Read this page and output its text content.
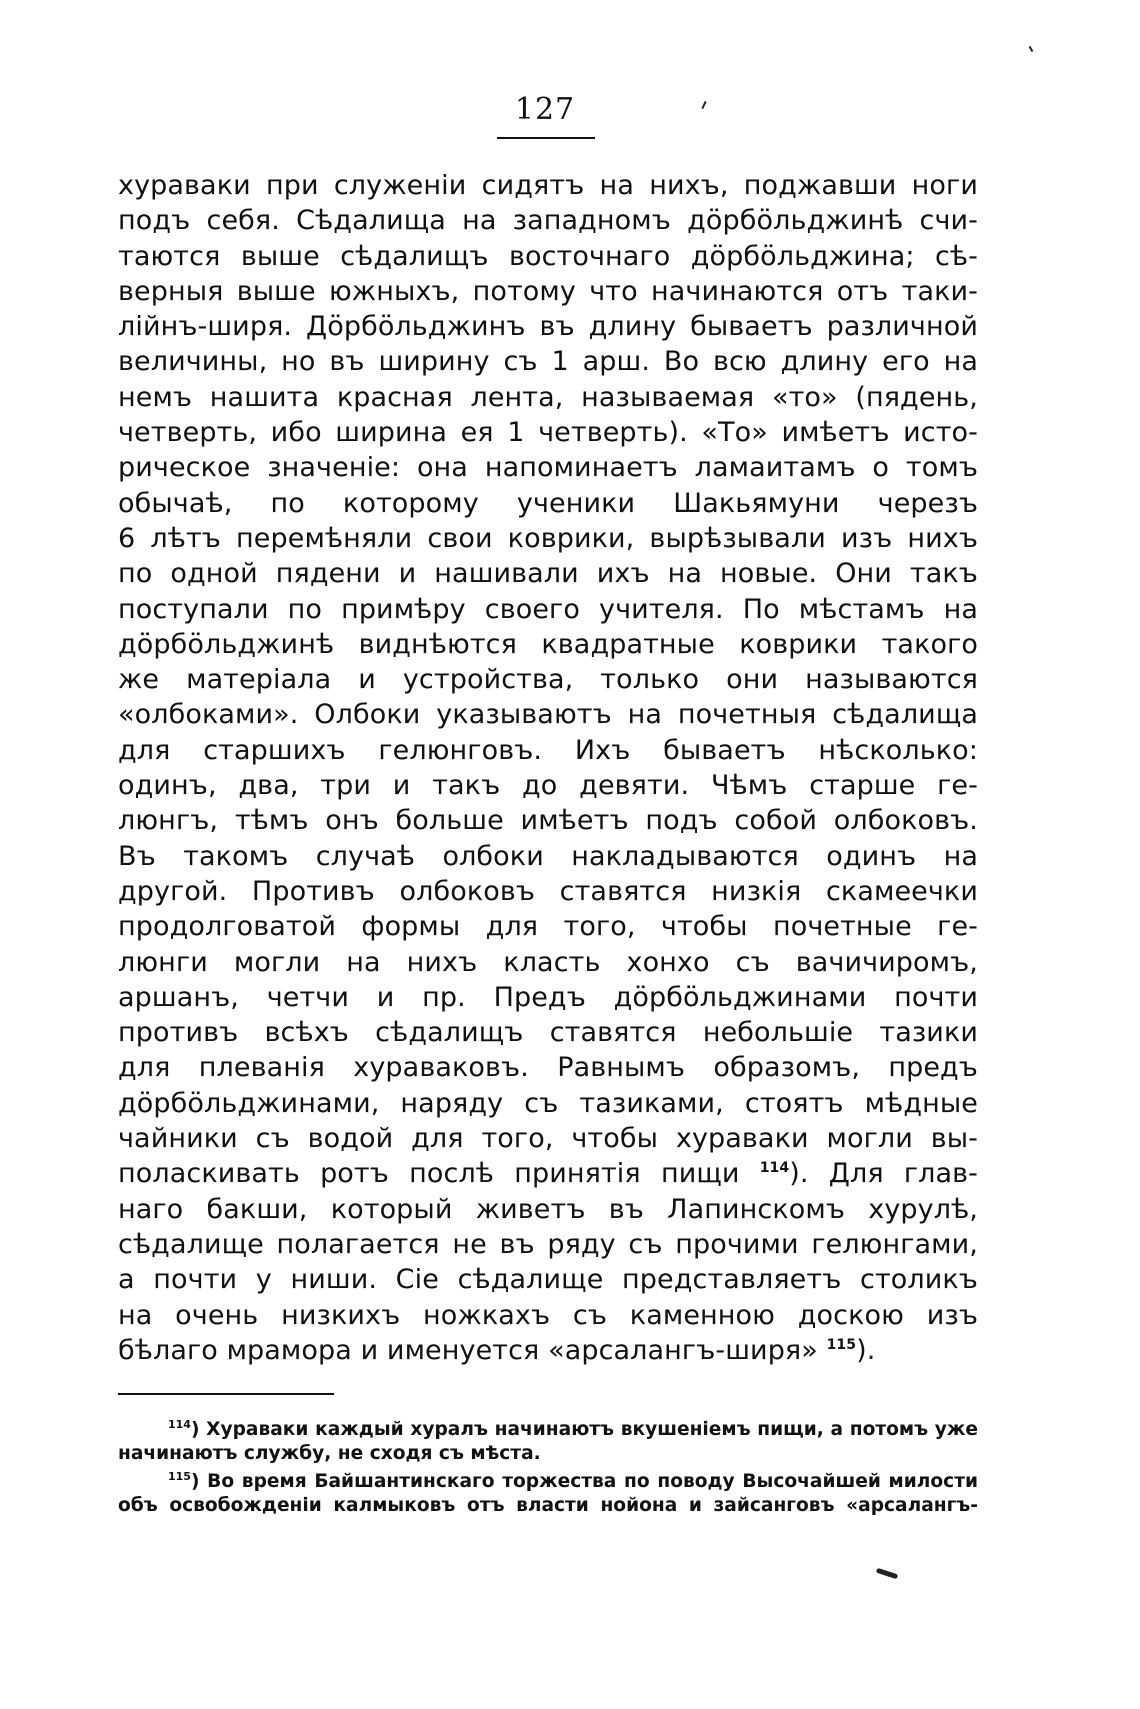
127
хураваки при служеніи сидятъ на нихъ, поджавши ноги
подъ себя. Сѣдалища на западномъ дöрбöльджинѣ счи-
таются выше сѣдалищъ восточнаго дöрбöльджина; сѣ-
верныя выше южныхъ, потому что начинаются отъ таки-
лійнъ-ширя. Дöрбöльджинъ въ длину бываетъ различной
величины, но въ ширину съ 1 арш. Во всю длину его на
немъ нашита красная лента, называемая «то» (пядень,
четверть, ибо ширина ея 1 четверть). «То» имѣетъ исто-
рическое значеніе: она напоминаетъ ламаитамъ о томъ
обычаѣ, по которому ученики Шакьямуни черезъ
6 лѣтъ перемѣняли свои коврики, вырѣзывали изъ нихъ
по одной пядени и нашивали ихъ на новые. Они такъ
поступали по примѣру своего учителя. По мѣстамъ на
дöрбöльджинѣ виднѣются квадратные коврики такого
же матеріала и устройства, только они называются
«олбоками». Олбоки указываютъ на почетныя сѣдалища
для старшихъ гелюнговъ. Ихъ бываетъ нѣсколько:
одинъ, два, три и такъ до девяти. Чѣмъ старше ге-
люнгъ, тѣмъ онъ больше имѣетъ подъ собой олбоковъ.
Въ такомъ случаѣ олбоки накладываются одинъ на
другой. Противъ олбоковъ ставятся низкія скамеечки
продолговатой формы для того, чтобы почетные ге-
люнги могли на нихъ класть хонхо съ вачичиромъ,
аршанъ, четчи и пр. Предъ дöрбöльджинами почти
противъ всѣхъ сѣдалищъ ставятся небольшіе тазики
для плеванія хураваковъ. Равнымъ образомъ, предъ
дöрбöльджинами, наряду съ тазиками, стоятъ мѣдные
чайники съ водой для того, чтобы хураваки могли вы-
поласкивать ротъ послѣ принятія пищи $^{114}$). Для глав-
наго бакши, который живетъ въ Лапинскомъ хурулѣ,
сѣдалище полагается не въ ряду съ прочими гелюнгами,
а почти у ниши. Сіе сѣдалище представляетъ столикъ
на очень низкихъ ножкахъ съ каменною доскою изъ
бѣлаго мрамора и именуется «арсалангъ-ширя» $^{115}$).
$^{114}$) Хураваки каждый хуралъ начинаютъ вкушеніемъ пищи, а потомъ уже
начинаютъ службу, не сходя съ мѣста.
$^{115}$) Во время Байшантинскаго торжества по поводу Высочайшей милости
объ освобожденіи калмыковъ отъ власти нойона и зайсанговъ «арсалангъ-
